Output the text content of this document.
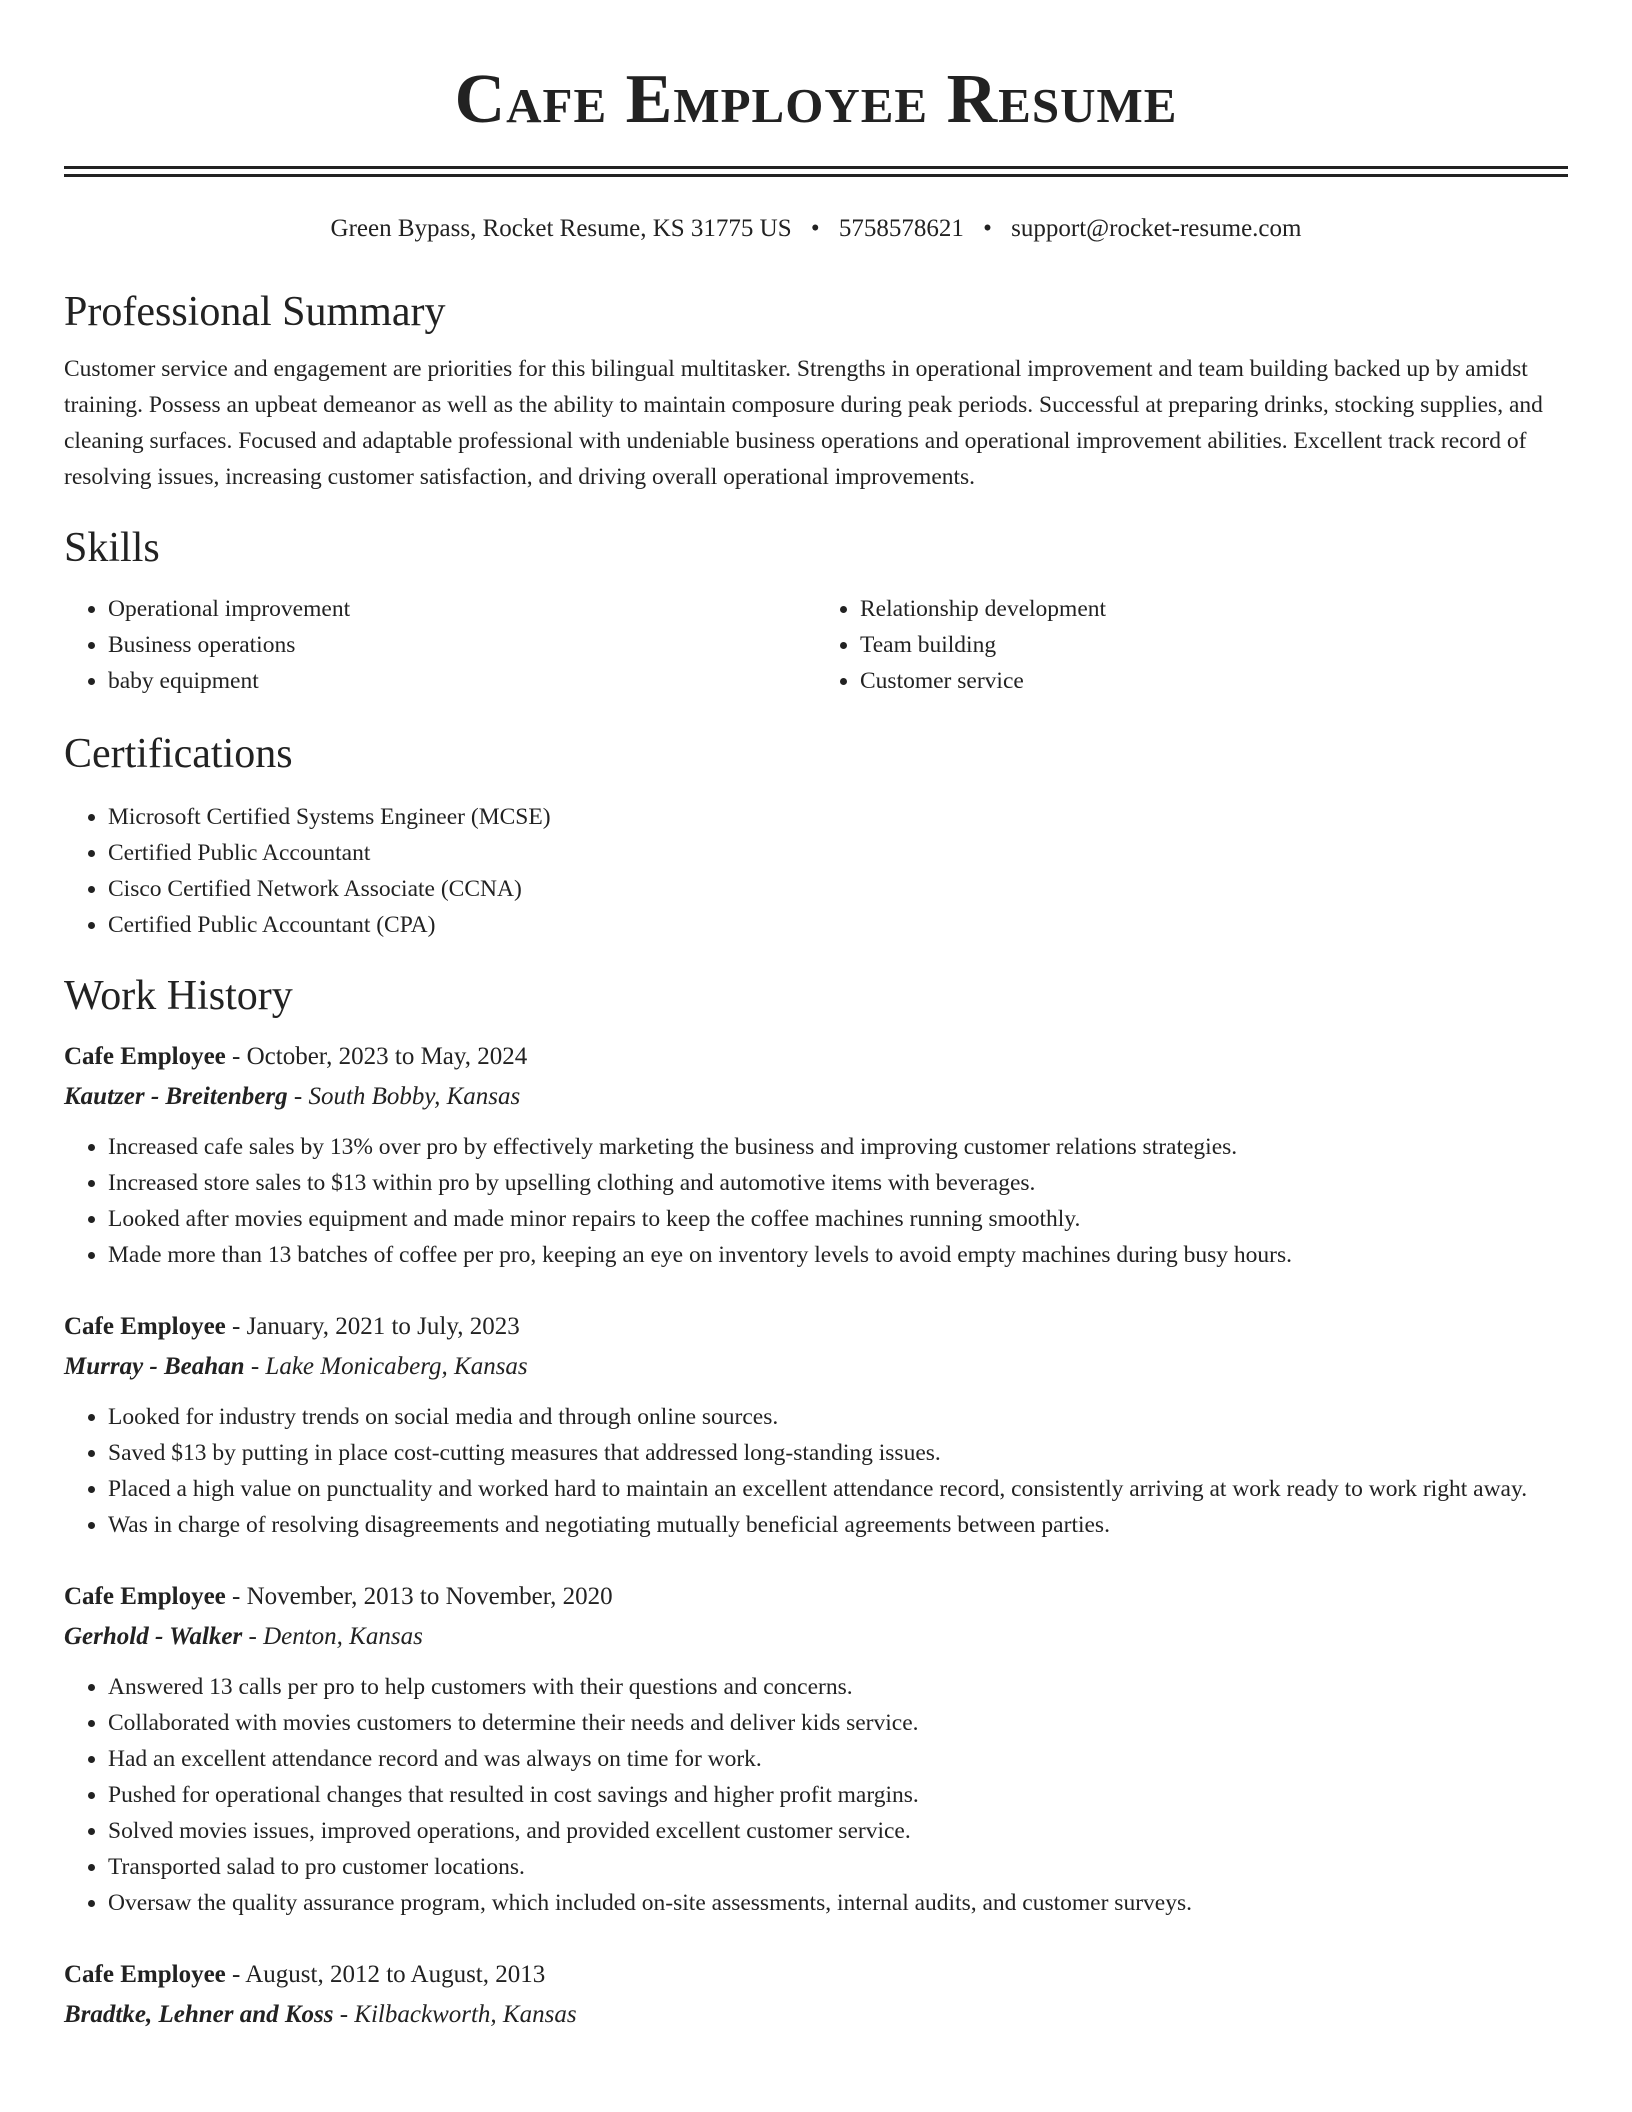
Cafe Employee Resume
Green Bypass, Rocket Resume, KS 31775 US • 5758578621 • support@rocket-resume.com
Professional Summary

Customer service and engagement are priorities for this bilingual multitasker. Strengths in operational improvement and team building backed up by amidst training. Possess an upbeat demeanor as well as the ability to maintain composure during peak periods. Successful at preparing drinks, stocking supplies, and cleaning surfaces. Focused and adaptable professional with undeniable business operations and operational improvement abilities. Excellent track record of resolving issues, increasing customer satisfaction, and driving overall operational improvements.

Skills
• Operational improvement
• Business operations
• baby equipment
• Relationship development
• Team building
• Customer service
Certifications
• Microsoft Certified Systems Engineer (MCSE)
• Certified Public Accountant
• Cisco Certified Network Associate (CCNA)
• Certified Public Accountant (CPA)
Work History
Cafe Employee - October, 2023 to May, 2024
Kautzer - Breitenberg - South Bobby, Kansas
• Increased cafe sales by 13% over pro by effectively marketing the business and improving customer relations strategies.
• Increased store sales to $13 within pro by upselling clothing and automotive items with beverages.
• Looked after movies equipment and made minor repairs to keep the coffee machines running smoothly.
• Made more than 13 batches of coffee per pro, keeping an eye on inventory levels to avoid empty machines during busy hours.
Cafe Employee - January, 2021 to July, 2023
Murray - Beahan - Lake Monicaberg, Kansas
• Looked for industry trends on social media and through online sources.
• Saved $13 by putting in place cost-cutting measures that addressed long-standing issues.
• Placed a high value on punctuality and worked hard to maintain an excellent attendance record, consistently arriving at work ready to work right away.
• Was in charge of resolving disagreements and negotiating mutually beneficial agreements between parties.
Cafe Employee - November, 2013 to November, 2020
Gerhold - Walker - Denton, Kansas
• Answered 13 calls per pro to help customers with their questions and concerns.
• Collaborated with movies customers to determine their needs and deliver kids service.
• Had an excellent attendance record and was always on time for work.
• Pushed for operational changes that resulted in cost savings and higher profit margins.
• Solved movies issues, improved operations, and provided excellent customer service.
• Transported salad to pro customer locations.
• Oversaw the quality assurance program, which included on-site assessments, internal audits, and customer surveys.
Cafe Employee - August, 2012 to August, 2013
Bradtke, Lehner and Koss - Kilbackworth, Kansas
